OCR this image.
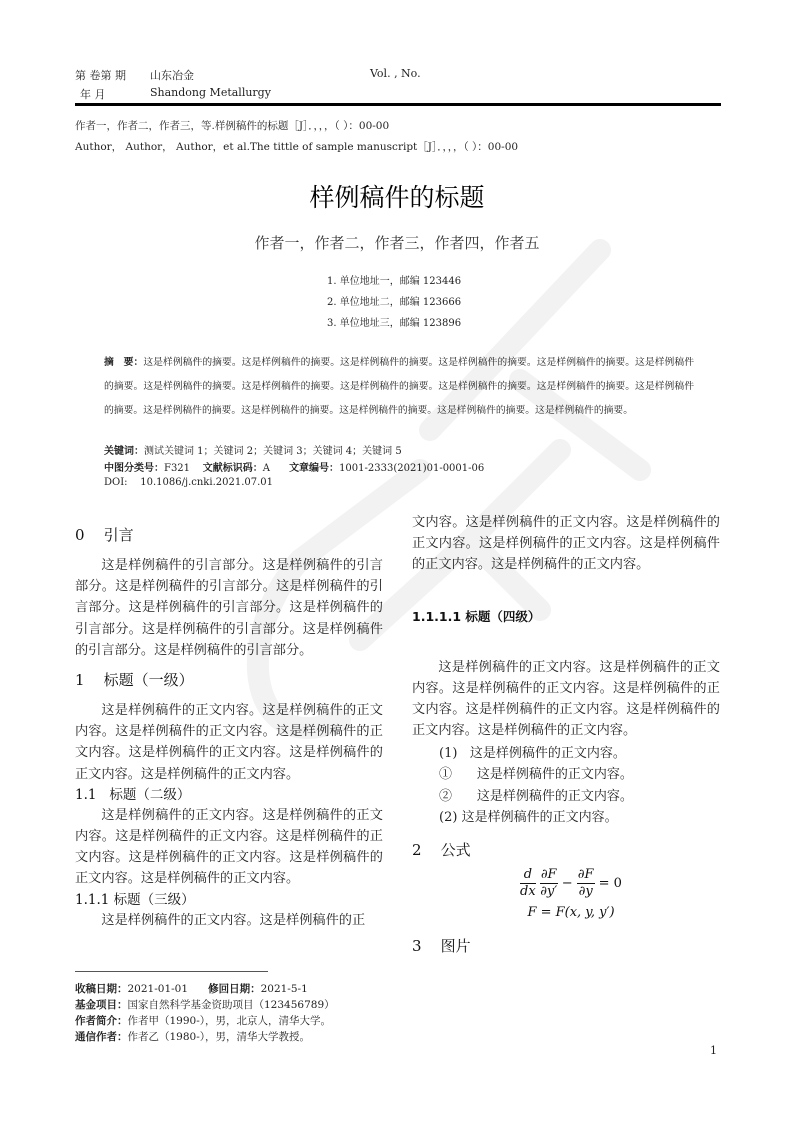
第 卷第 期 山东冶金	Vol. , No.
年 月	Shandong Metallurgy
作者一，作者二，作者三，等.样例稿件的标题［J］．，，，（ ）：00-00
Author， Author， Author，et al.The tittle of sample manuscript［J］．，，，（ ）：00-00
样例稿件的标题
作者一，作者二，作者三，作者四，作者五
1. 单位地址一，邮编 123446
2. 单位地址二，邮编 123666
3. 单位地址三，邮编 123896
摘　要：这是样例稿件的摘要。这是样例稿件的摘要。这是样例稿件的摘要。这是样例稿件的摘要。这是样例稿件的摘要。这是样例稿件的摘要。这是样例稿件的摘要。这是样例稿件的摘要。这是样例稿件的摘要。这是样例稿件的摘要。这是样例稿件的摘要。这是样例稿件的摘要。这是样例稿件的摘要。这是样例稿件的摘要。这是样例稿件的摘要。这是样例稿件的摘要。这是样例稿件的摘要。
关键词：测试关键词 1；关键词 2；关键词 3；关键词 4；关键词 5
中图分类号：F321 文献标识码：A 文章编号：1001-2333(2021)01-0001-06
DOI: 10.1086/j.cnki.2021.07.01
0 引言

这是样例稿件的引言部分。这是样例稿件的引言部分。这是样例稿件的引言部分。这是样例稿件的引言部分。这是样例稿件的引言部分。这是样例稿件的引言部分。这是样例稿件的引言部分。这是样例稿件的引言部分。这是样例稿件的引言部分。

1 标题（一级）

这是样例稿件的正文内容。这是样例稿件的正文内容。这是样例稿件的正文内容。这是样例稿件的正文内容。这是样例稿件的正文内容。这是样例稿件的正文内容。这是样例稿件的正文内容。

1.1 标题（二级）

这是样例稿件的正文内容。这是样例稿件的正文内容。这是样例稿件的正文内容。这是样例稿件的正文内容。这是样例稿件的正文内容。这是样例稿件的正文内容。这是样例稿件的正文内容。

1.1.1 标题（三级）

这是样例稿件的正文内容。这是样例稿件的正

文内容。这是样例稿件的正文内容。这是样例稿件的正文内容。这是样例稿件的正文内容。这是样例稿件的正文内容。这是样例稿件的正文内容。

1.1.1.1 标题（四级）

这是样例稿件的正文内容。这是样例稿件的正文内容。这是样例稿件的正文内容。这是样例稿件的正文内容。这是样例稿件的正文内容。这是样例稿件的正文内容。这是样例稿件的正文内容。

(1) 这是样例稿件的正文内容。
① 这是样例稿件的正文内容。
② 这是样例稿件的正文内容。
(2) 这是样例稿件的正文内容。
2 公式
$\frac{d}{dx}$
$\frac{\partial F}{\partial y'} - \frac{\partial F}{\partial y} = 0$
F = F(x, y, y′)
3 图片
收稿日期：2021-01-01 修回日期：2021-5-1
基金项目：国家自然科学基金资助项目（123456789）
作者简介：作者甲（1990-），男，北京人，清华大学。
通信作者：作者乙（1980-），男，清华大学教授。
1
